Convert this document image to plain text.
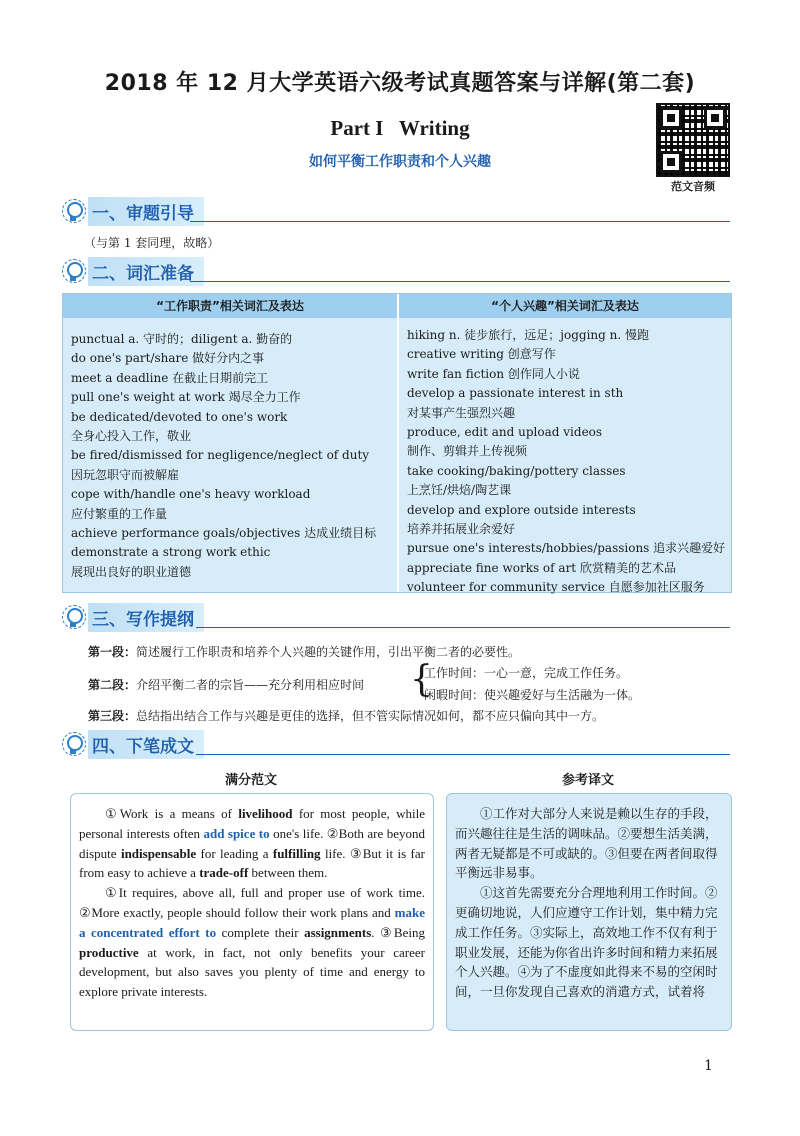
2018 年 12 月大学英语六级考试真题答案与详解(第二套)
Part I   Writing
如何平衡工作职责和个人兴趣
范文音频
一、审题引导
（与第 1 套同理，故略）
二、词汇准备
“工作职责”相关词汇及表达	“个人兴趣”相关词汇及表达
punctual a. 守时的；diligent a. 勤奋的
do one's part/share 做好分内之事
meet a deadline 在截止日期前完工
pull one's weight at work 竭尽全力工作
be dedicated/devoted to one's work
全身心投入工作，敬业
be fired/dismissed for negligence/neglect of duty
因玩忽职守而被解雇
cope with/handle one's heavy workload
应付繁重的工作量
achieve performance goals/objectives 达成业绩目标
demonstrate a strong work ethic
展现出良好的职业道德
hiking n. 徒步旅行，远足；jogging n. 慢跑
creative writing 创意写作
write fan fiction 创作同人小说
develop a passionate interest in sth
对某事产生强烈兴趣
produce, edit and upload videos
制作、剪辑并上传视频
take cooking/baking/pottery classes
上烹饪/烘焙/陶艺课
develop and explore outside interests
培养并拓展业余爱好
pursue one's interests/hobbies/passions 追求兴趣爱好
appreciate fine works of art 欣赏精美的艺术品
volunteer for community service 自愿参加社区服务
三、写作提纲
第一段：简述履行工作职责和培养个人兴趣的关键作用，引出平衡二者的必要性。
第二段：介绍平衡二者的宗旨——充分利用相应时间 {
工作时间：一心一意，完成工作任务。
闲暇时间：使兴趣爱好与生活融为一体。
第三段：总结指出结合工作与兴趣是更佳的选择，但不管实际情况如何，都不应只偏向其中一方。
四、下笔成文
满分范文	参考译文
①Work is a means of livelihood for most people, while personal interests often add spice to one's life. ②Both are beyond dispute indispensable for leading a fulfilling life. ③But it is far from easy to achieve a trade-off between them.
①It requires, above all, full and proper use of work time. ②More exactly, people should follow their work plans and make a concentrated effort to complete their assignments. ③Being productive at work, in fact, not only benefits your career development, but also saves you plenty of time and energy to explore private interests.
①工作对大部分人来说是赖以生存的手段，而兴趣往往是生活的调味品。②要想生活美满，两者无疑都是不可或缺的。③但要在两者间取得平衡远非易事。
①这首先需要充分合理地利用工作时间。②更确切地说，人们应遵守工作计划，集中精力完成工作任务。③实际上，高效地工作不仅有利于职业发展，还能为你省出许多时间和精力来拓展个人兴趣。④为了不虚度如此得来不易的空闲时间，一旦你发现自己喜欢的消遣方式，试着将
1
